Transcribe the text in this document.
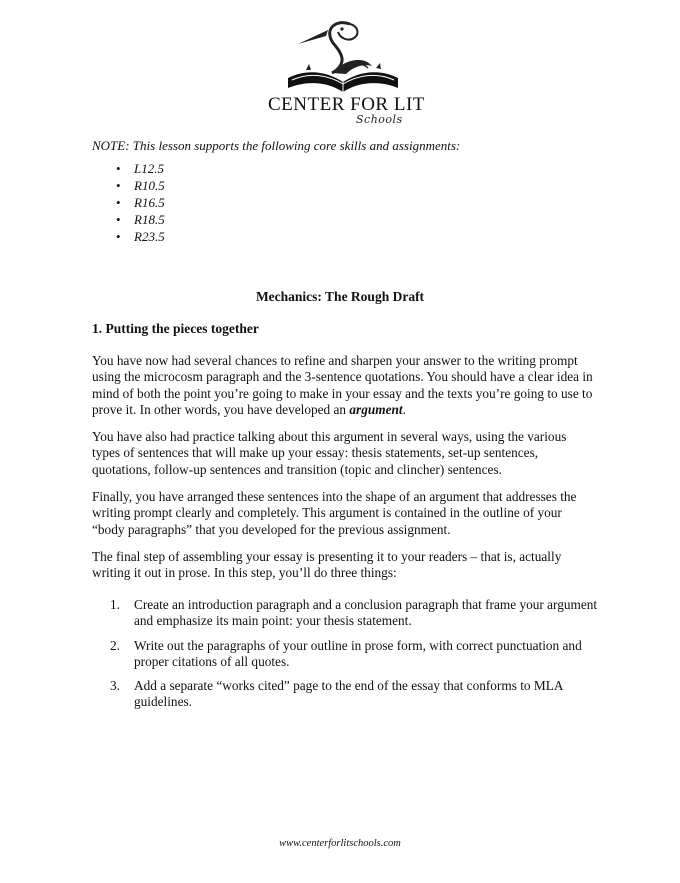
CENTER FOR LIT
Schools

NOTE: This lesson supports the following core skills and assignments:

• L12.5
• R10.5
• R16.5
• R18.5
• R23.5
Mechanics: The Rough Draft
1. Putting the pieces together

You have now had several chances to refine and sharpen your answer to the writing prompt using the microcosm paragraph and the 3-sentence quotations. You should have a clear idea in mind of both the point you’re going to make in your essay and the texts you’re going to use to prove it. In other words, you have developed an argument.

You have also had practice talking about this argument in several ways, using the various types of sentences that will make up your essay: thesis statements, set-up sentences, quotations, follow-up sentences and transition (topic and clincher) sentences.

Finally, you have arranged these sentences into the shape of an argument that addresses the writing prompt clearly and completely. This argument is contained in the outline of your “body paragraphs” that you developed for the previous assignment.

The final step of assembling your essay is presenting it to your readers – that is, actually writing it out in prose. In this step, you’ll do three things:

1. Create an introduction paragraph and a conclusion paragraph that frame your argument and emphasize its main point: your thesis statement.
2. Write out the paragraphs of your outline in prose form, with correct punctuation and proper citations of all quotes.
3. Add a separate “works cited” page to the end of the essay that conforms to MLA guidelines.

www.centerforlitschools.com
